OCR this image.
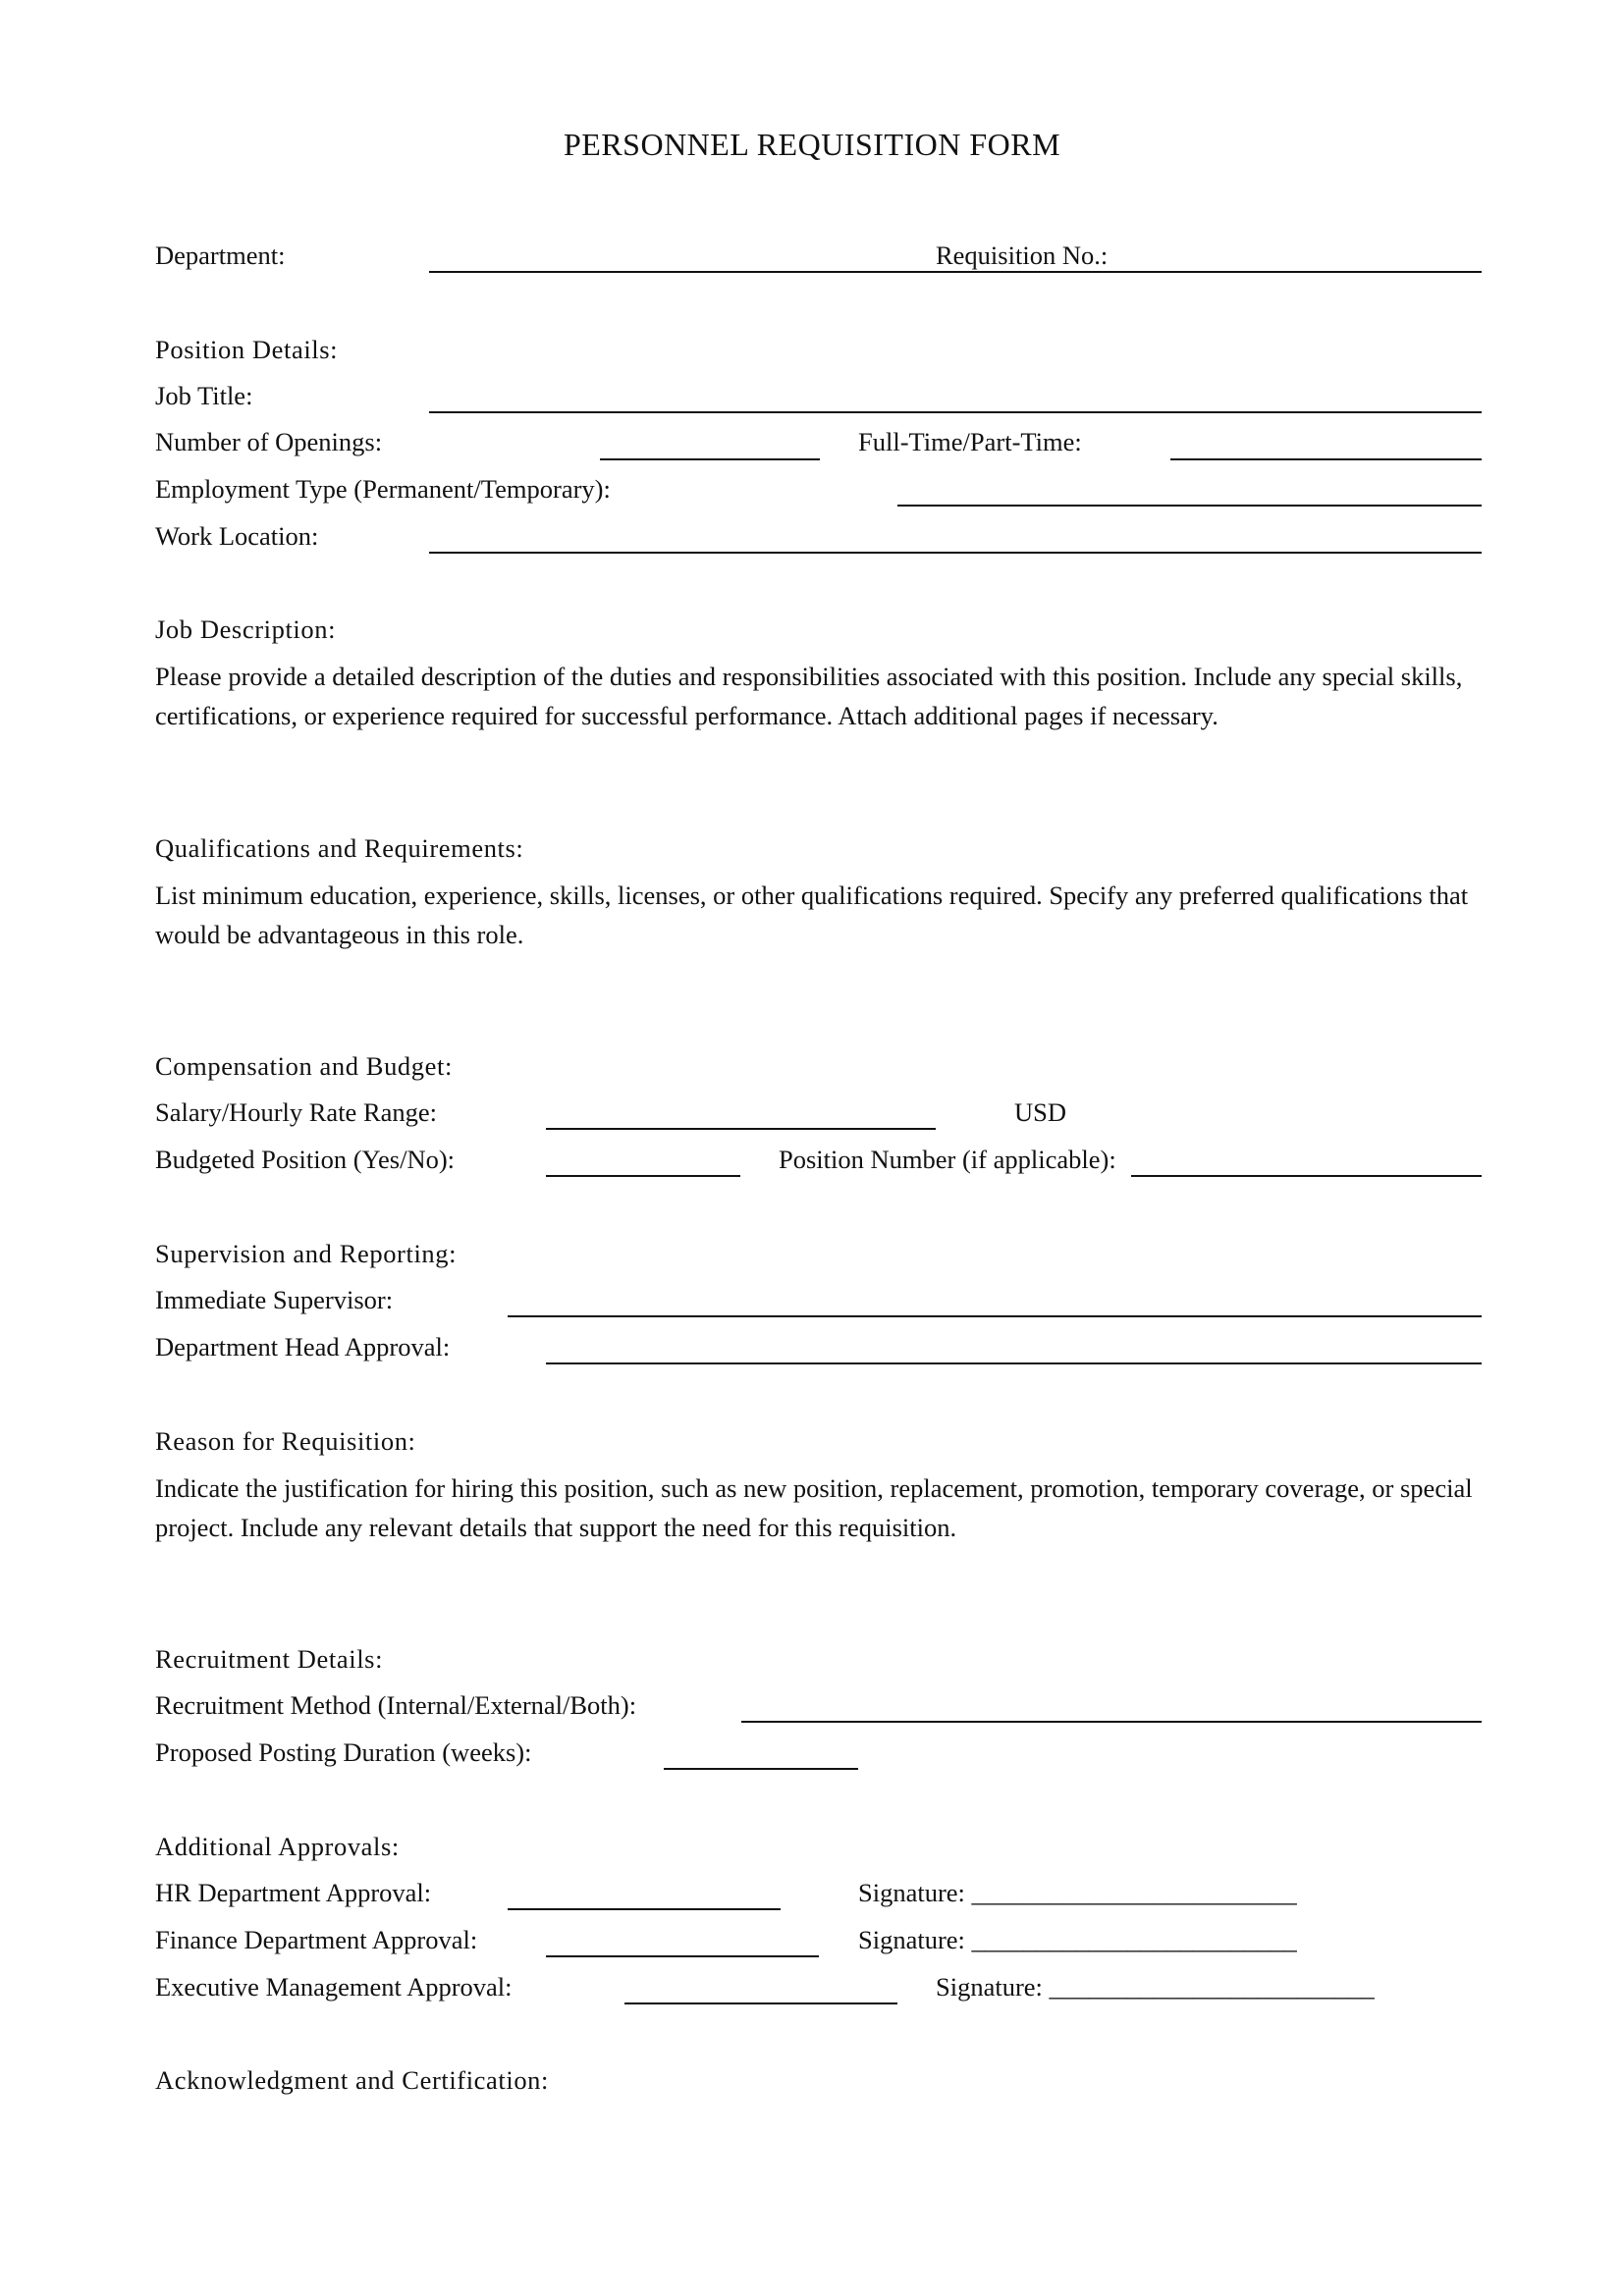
PERSONNEL REQUISITION FORM
Department:	Requisition No.:
Position Details:
Job Title:
Number of Openings:	Full-Time/Part-Time:
Employment Type (Permanent/Temporary):
Work Location:
Job Description:
Please provide a detailed description of the duties and responsibilities associated with this position. Include any special skills, certifications, or experience required for successful performance. Attach additional pages if necessary.
Qualifications and Requirements:
List minimum education, experience, skills, licenses, or other qualifications required. Specify any preferred qualifications that would be advantageous in this role.
Compensation and Budget:
Salary/Hourly Rate Range:	USD
Budgeted Position (Yes/No):	Position Number (if applicable):
Supervision and Reporting:
Immediate Supervisor:
Department Head Approval:
Reason for Requisition:
Indicate the justification for hiring this position, such as new position, replacement, promotion, temporary coverage, or special project. Include any relevant details that support the need for this requisition.
Recruitment Details:
Recruitment Method (Internal/External/Both):
Proposed Posting Duration (weeks):
Additional Approvals:
HR Department Approval:	Signature: _________________________
Finance Department Approval:	Signature: _________________________
Executive Management Approval:	Signature: _________________________
Acknowledgment and Certification:
